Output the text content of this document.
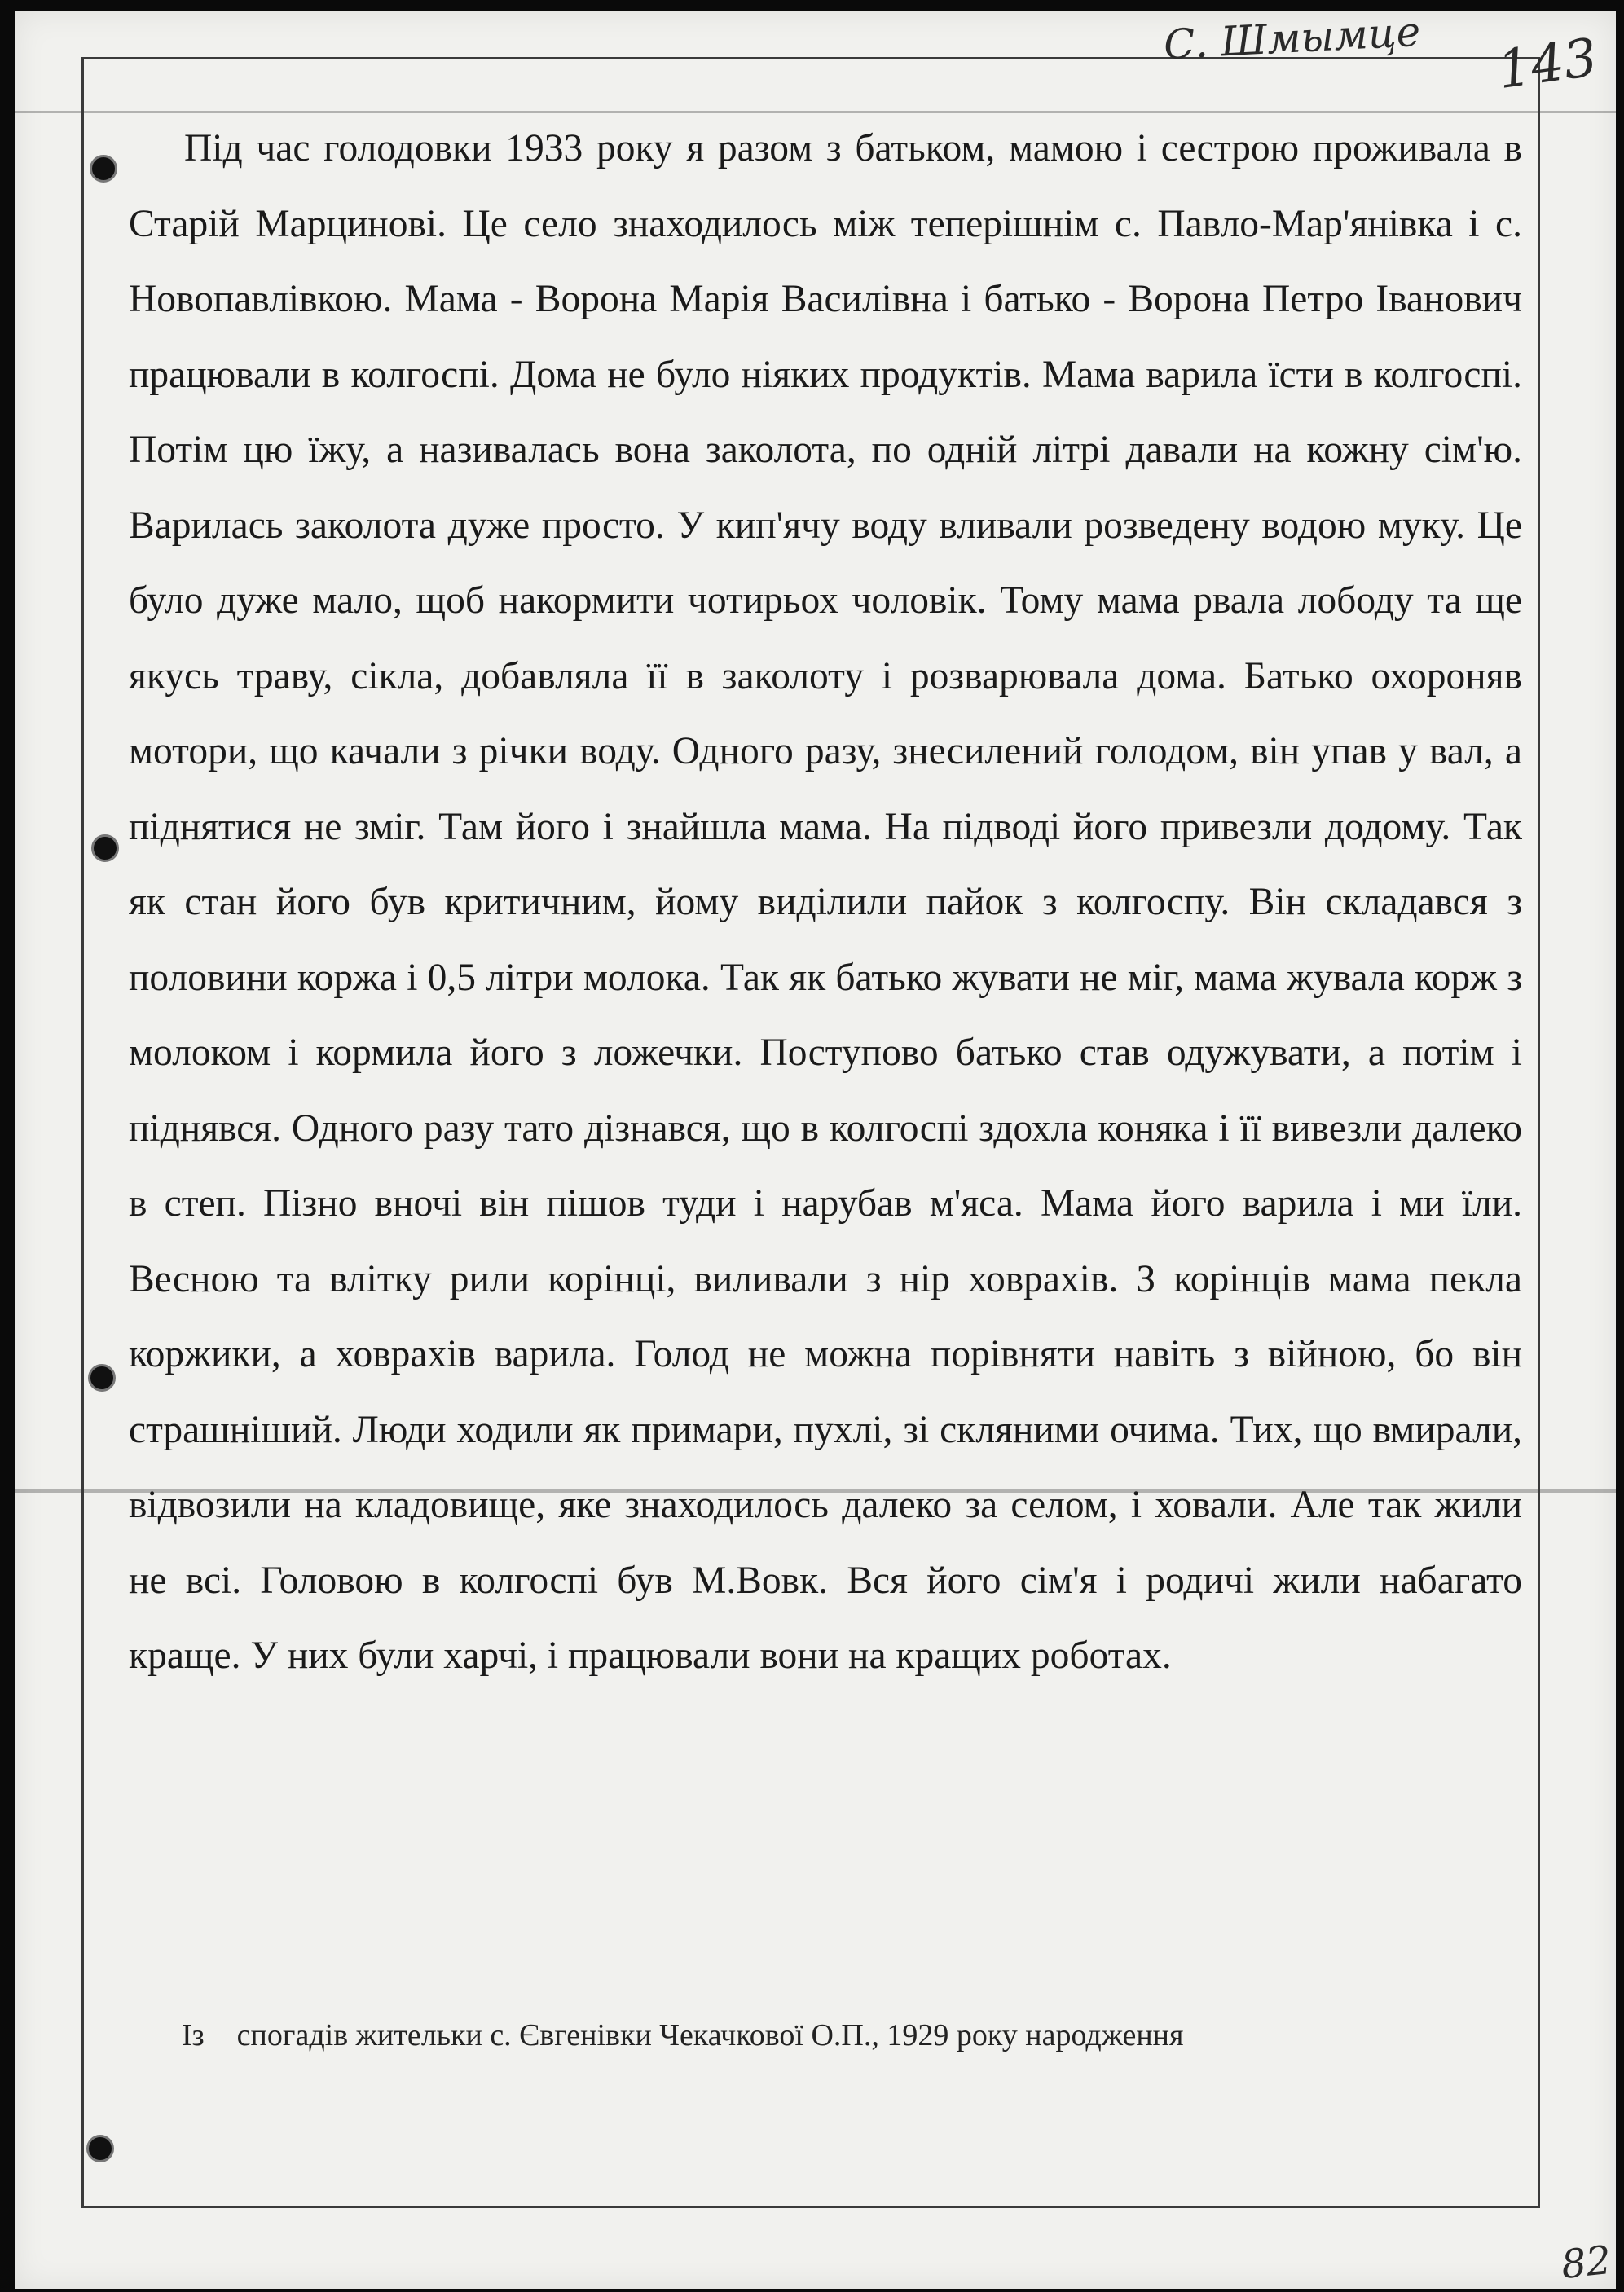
С. Шмымце 143

Під час голодовки 1933 року я разом з батьком, мамою і сестрою проживала в Старій Марциновi. Це село знаходилось між теперішнім с. Павло-Мар'янівка і с. Новопавлівкою. Мама - Ворона Марія Василівна і батько - Ворона Петро Іванович працювали в колгоспі. Дома не було ніяких продуктів. Мама варила їсти в колгоспі. Потім цю їжу, а називалась вона заколота, по одній літрі давали на кожну сім'ю. Варилась заколота дуже просто. У кип'ячу воду вливали розведену водою муку. Це було дуже мало, щоб накормити чотирьох чоловік. Тому мама рвала лободу та ще якусь траву, сікла, добавляла її в заколоту і розварювала дома. Батько охороняв мотори, що качали з річки воду. Одного разу, знесилений голодом, він упав у вал, а піднятися не зміг. Там його і знайшла мама. На підводі його привезли додому. Так як стан його був критичним, йому виділили пайок з колгоспу. Він складався з половини коржа і 0,5 літри молока. Так як батько жувати не міг, мама жувала корж з молоком і кормила його з ложечки. Поступово батько став одужувати, а потім і піднявся. Одного разу тато дізнався, що в колгоспі здохла коняка і її вивезли далеко в степ. Пізно вночі він пішов туди і нарубав м'яса. Мама його варила і ми їли. Весною та влітку рили корінці, виливали з нір ховрахів. З корінців мама пекла коржики, а ховрахів варила. Голод не можна порівняти навіть з війною, бо він страшніший. Люди ходили як примари, пухлі, зі скляними очима. Тих, що вмирали, відвозили на кладовище, яке знаходилось далеко за селом, і ховали. Але так жили не всі. Головою в колгоспі був М.Вовк. Вся його сім'я і родичі жили набагато краще. У них були харчі, і працювали вони на кращих роботах.

Із спогадів жительки с. Євгенівки Чекачкової О.П., 1929 року народження

82
